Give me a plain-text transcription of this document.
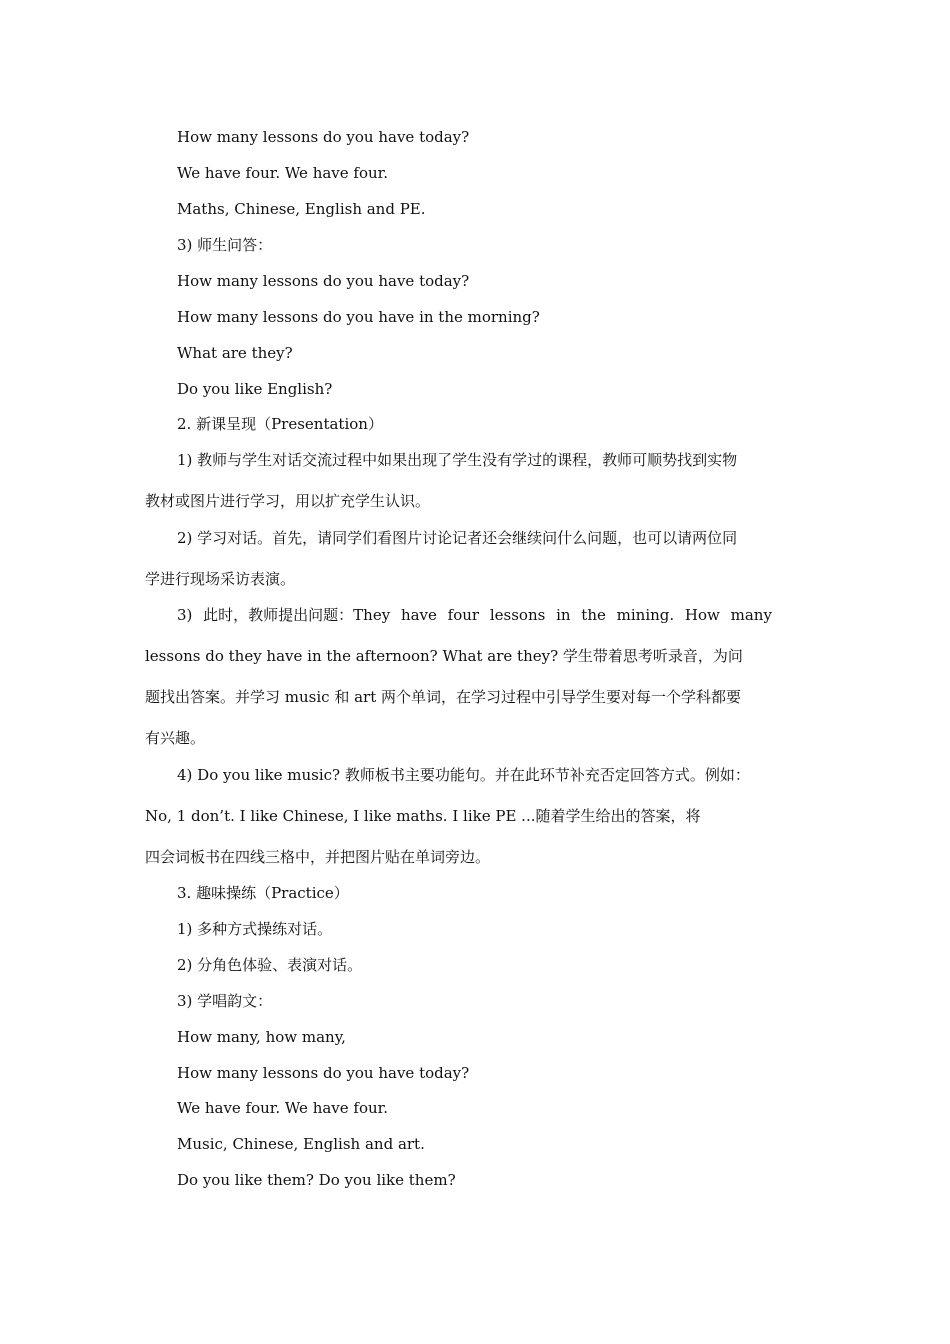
How many lessons do you have today?
We have four. We have four.
Maths, Chinese, English and PE.
3) 师生问答：
How many lessons do you have today?
How many lessons do you have in the morning?
What are they?
Do you like English?
2. 新课呈现（Presentation）
1) 教师与学生对话交流过程中如果出现了学生没有学过的课程，教师可顺势找到实物
教材或图片进行学习，用以扩充学生认识。
2) 学习对话。首先，请同学们看图片讨论记者还会继续问什么问题，也可以请两位同
学进行现场采访表演。
3) 此时，教师提出问题：They have four lessons in the mining. How many
lessons do they have in the afternoon? What are they? 学生带着思考听录音，为问
题找出答案。并学习 music 和 art 两个单词，在学习过程中引导学生要对每一个学科都要
有兴趣。
4) Do you like music? 教师板书主要功能句。并在此环节补充否定回答方式。例如：
No, 1 don’t. I like Chinese, I like maths. I like PE ...随着学生给出的答案，将
四会词板书在四线三格中，并把图片贴在单词旁边。
3. 趣味操练（Practice）
1) 多种方式操练对话。
2) 分角色体验、表演对话。
3) 学唱韵文：
How many, how many,
How many lessons do you have today?
We have four. We have four.
Music, Chinese, English and art.
Do you like them? Do you like them?
